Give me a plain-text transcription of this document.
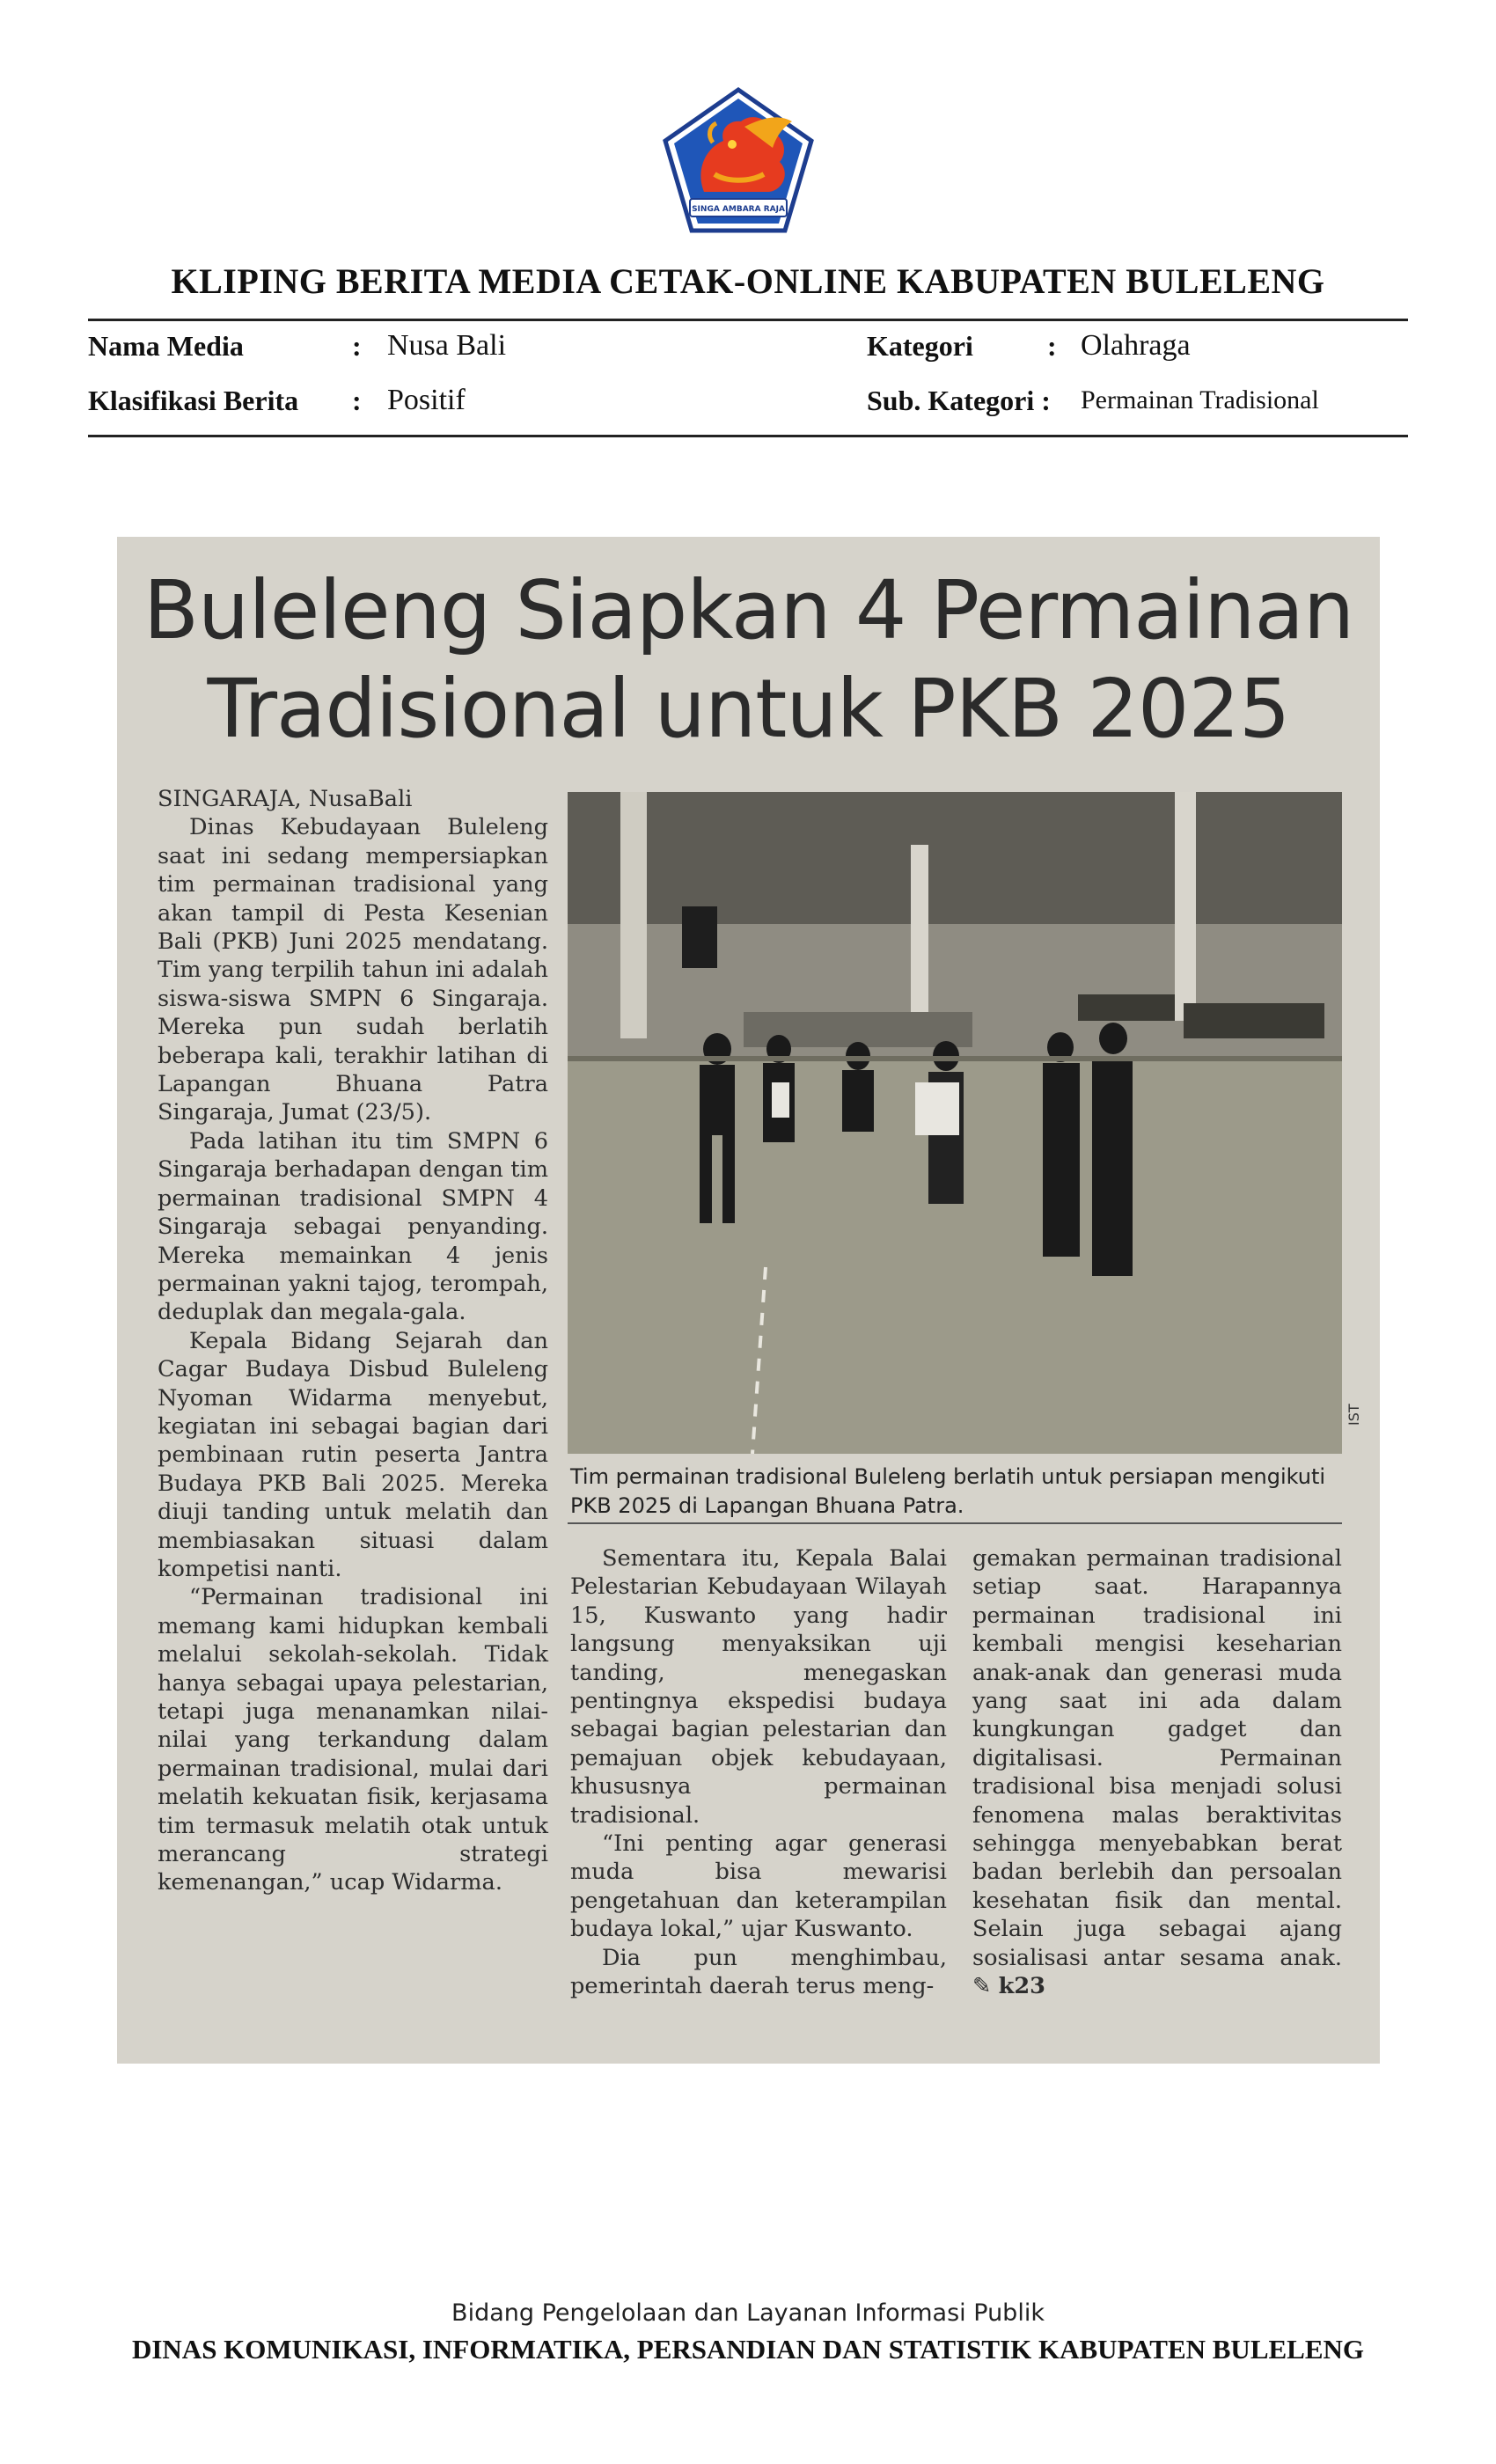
SINGA AMBARA RAJA
KLIPING BERITA MEDIA CETAK-ONLINE KABUPATEN BULELENG
Nama Media	: Nusa Bali	Kategori	: Olahraga
Klasifikasi Berita : Positif	Sub. Kategori : Permainan Tradisional
Buleleng Siapkan 4 Permainan
Tradisional untuk PKB 2025

SINGARAJA, NusaBali

Dinas Kebudayaan Buleleng saat ini sedang mempersiapkan tim permainan tradisional yang akan tampil di Pesta Kesenian Bali (PKB) Juni 2025 mendatang. Tim yang terpilih tahun ini adalah siswa-siswa SMPN 6 Singaraja. Mereka pun sudah berlatih beberapa kali, terakhir latihan di Lapangan Bhuana Patra Singaraja, Jumat (23/5).

Pada latihan itu tim SMPN 6 Singaraja berhadapan dengan tim permainan tradisional SMPN 4 Singaraja sebagai penyanding. Mereka memainkan 4 jenis permainan yakni tajog, terompah, deduplak dan megala-gala.

Kepala Bidang Sejarah dan Cagar Budaya Disbud Buleleng Nyoman Widarma menyebut, kegiatan ini sebagai bagian dari pembinaan rutin peserta Jantra Budaya PKB Bali 2025. Mereka diuji tanding untuk melatih dan membiasakan situasi dalam kompetisi nanti.

“Permainan tradisional ini memang kami hidupkan kembali melalui sekolah-sekolah. Tidak hanya sebagai upaya pelestarian, tetapi juga menanamkan nilai-nilai yang terkandung dalam permainan tradisional, mulai dari melatih kekuatan fisik, kerjasama tim termasuk melatih otak untuk merancang strategi kemenangan,” ucap Widarma.

IST
Tim permainan tradisional Buleleng berlatih untuk persiapan mengikuti PKB 2025 di Lapangan Bhuana Patra.

Sementara itu, Kepala Balai Pelestarian Kebudayaan Wilayah 15, Kuswanto yang hadir langsung menyaksikan uji tanding, menegaskan pentingnya ekspedisi budaya sebagai bagian pelestarian dan pemajuan objek kebudayaan, khususnya permainan tradisional.

“Ini penting agar generasi muda bisa mewarisi pengetahuan dan keterampilan budaya lokal,” ujar Kuswanto.

Dia pun menghimbau, pemerintah daerah terus meng-

gemakan permainan tradisional setiap saat. Harapannya permainan tradisional ini kembali mengisi keseharian anak-anak dan generasi muda yang saat ini ada dalam kungkungan gadget dan digitalisasi. Permainan tradisional bisa menjadi solusi fenomena malas beraktivitas sehingga menyebabkan berat badan berlebih dan persoalan kesehatan fisik dan mental. Selain juga sebagai ajang sosialisasi antar sesama anak. ✎ k23

Bidang Pengelolaan dan Layanan Informasi Publik
DINAS KOMUNIKASI, INFORMATIKA, PERSANDIAN DAN STATISTIK KABUPATEN BULELENG
